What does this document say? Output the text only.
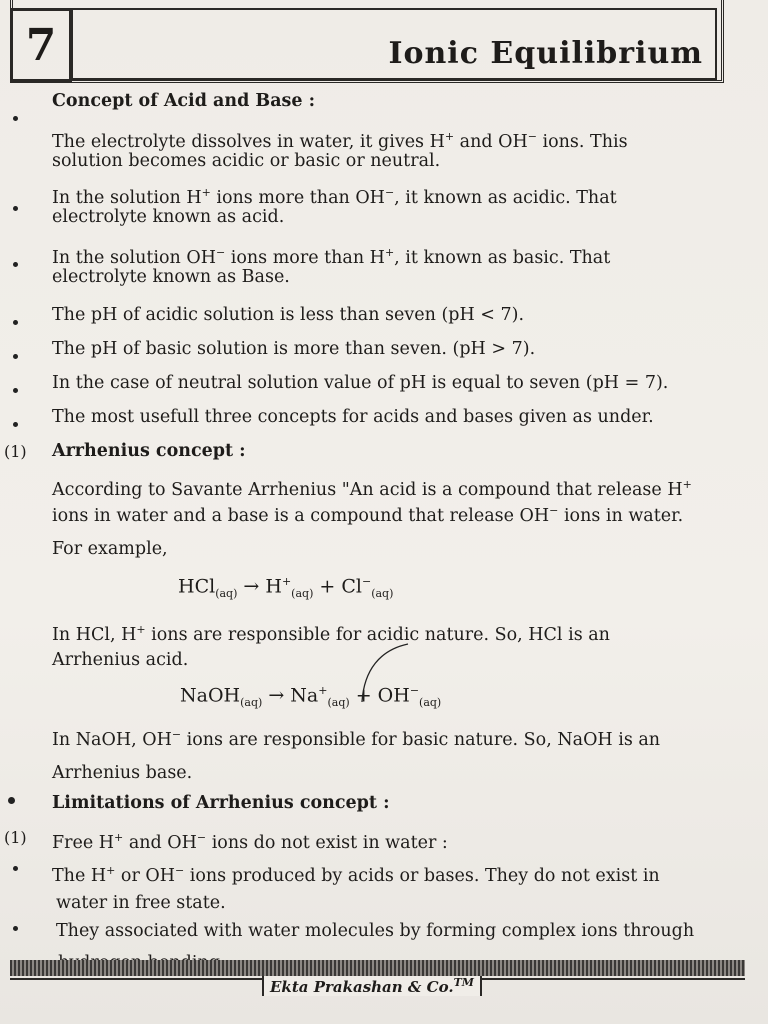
7	Ionic Equilibrium
Concept of Acid and Base :
The electrolyte dissolves in water, it gives H+ and OH− ions. This
solution becomes acidic or basic or neutral.
In the solution H+ ions more than OH−, it known as acidic. That
electrolyte known as acid.
In the solution OH− ions more than H+, it known as basic. That
electrolyte known as Base.
The pH of acidic solution is less than seven (pH < 7).
The pH of basic solution is more than seven. (pH > 7).
In the case of neutral solution value of pH is equal to seven (pH = 7).
The most usefull three concepts for acids and bases given as under.
(1) Arrhenius concept :
According to Savante Arrhenius "An acid is a compound that release H+
ions in water and a base is a compound that release OH− ions in water.
For example,
$HCl_{(aq)} \to H^+_{(aq)} + Cl^-_{(aq)}$
In HCl, H+ ions are responsible for acidic nature. So, HCl is an
Arrhenius acid.
NaOH$_{(aq)}$ → $Na^+_{(aq)} + OH^-_{(aq)}$
In NaOH, OH− ions are responsible for basic nature. So, NaOH is an
Arrhenius base.
Limitations of Arrhenius concept :
(1) Free H+ and OH− ions do not exist in water :
The H+ or OH− ions produced by acids or bases. They do not exist in
water in free state.
They associated with water molecules by forming complex ions through
Ekta Prakashan & Co.™
